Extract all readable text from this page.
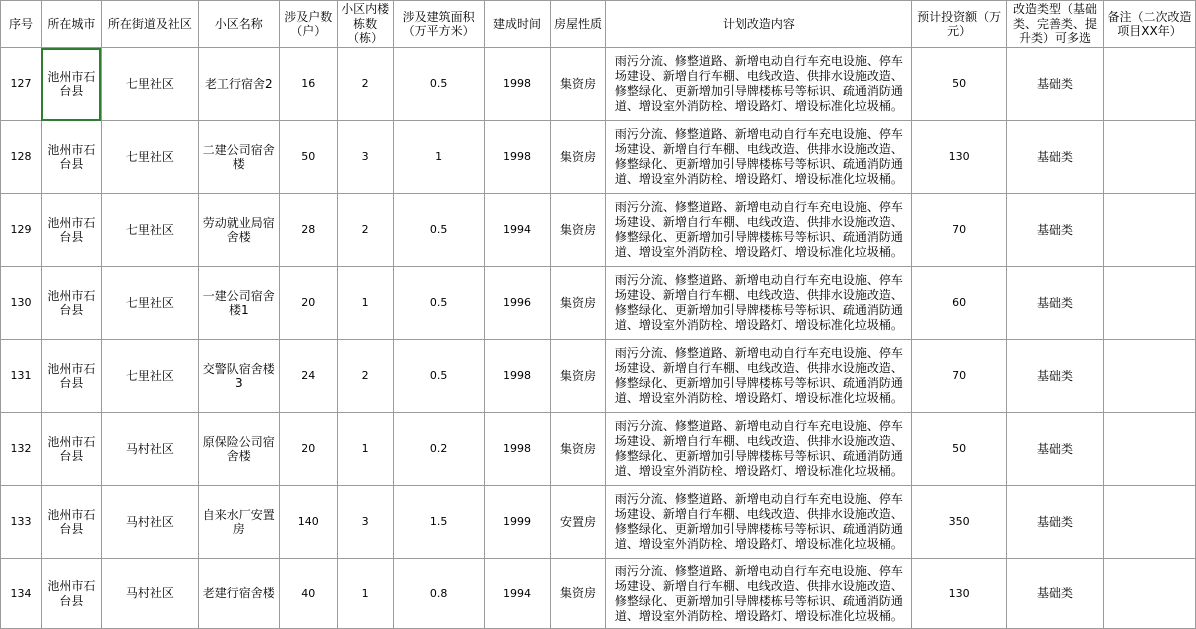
序号	所在城市	所在街道及社区	小区名称	涉及户数（户）	小区内楼栋数（栋）	涉及建筑面积（万平方米）	建成时间	房屋性质	计划改造内容	预计投资额（万元）	改造类型（基础类、完善类、提升类）可多选	备注（二次改造项目XX年）
127	池州市石台县	七里社区	老工行宿舍2	16	2	0.5	1998	集资房	雨污分流、修整道路、新增电动自行车充电设施、停车场建设、新增自行车棚、电线改造、供排水设施改造、修整绿化、更新增加引导牌楼栋号等标识、疏通消防通道、增设室外消防栓、增设路灯、增设标准化垃圾桶。	50	基础类	
128	池州市石台县	七里社区	二建公司宿舍楼	50	3	1	1998	集资房	雨污分流、修整道路、新增电动自行车充电设施、停车场建设、新增自行车棚、电线改造、供排水设施改造、修整绿化、更新增加引导牌楼栋号等标识、疏通消防通道、增设室外消防栓、增设路灯、增设标准化垃圾桶。	130	基础类	
129	池州市石台县	七里社区	劳动就业局宿舍楼	28	2	0.5	1994	集资房	雨污分流、修整道路、新增电动自行车充电设施、停车场建设、新增自行车棚、电线改造、供排水设施改造、修整绿化、更新增加引导牌楼栋号等标识、疏通消防通道、增设室外消防栓、增设路灯、增设标准化垃圾桶。	70	基础类	
130	池州市石台县	七里社区	一建公司宿舍楼1	20	1	0.5	1996	集资房	雨污分流、修整道路、新增电动自行车充电设施、停车场建设、新增自行车棚、电线改造、供排水设施改造、修整绿化、更新增加引导牌楼栋号等标识、疏通消防通道、增设室外消防栓、增设路灯、增设标准化垃圾桶。	60	基础类	
131	池州市石台县	七里社区	交警队宿舍楼3	24	2	0.5	1998	集资房	雨污分流、修整道路、新增电动自行车充电设施、停车场建设、新增自行车棚、电线改造、供排水设施改造、修整绿化、更新增加引导牌楼栋号等标识、疏通消防通道、增设室外消防栓、增设路灯、增设标准化垃圾桶。	70	基础类	
132	池州市石台县	马村社区	原保险公司宿舍楼	20	1	0.2	1998	集资房	雨污分流、修整道路、新增电动自行车充电设施、停车场建设、新增自行车棚、电线改造、供排水设施改造、修整绿化、更新增加引导牌楼栋号等标识、疏通消防通道、增设室外消防栓、增设路灯、增设标准化垃圾桶。	50	基础类	
133	池州市石台县	马村社区	自来水厂安置房	140	3	1.5	1999	安置房	雨污分流、修整道路、新增电动自行车充电设施、停车场建设、新增自行车棚、电线改造、供排水设施改造、修整绿化、更新增加引导牌楼栋号等标识、疏通消防通道、增设室外消防栓、增设路灯、增设标准化垃圾桶。	350	基础类	
134	池州市石台县	马村社区	老建行宿舍楼	40	1	0.8	1994	集资房	雨污分流、修整道路、新增电动自行车充电设施、停车场建设、新增自行车棚、电线改造、供排水设施改造、修整绿化、更新增加引导牌楼栋号等标识、疏通消防通道、增设室外消防栓、增设路灯、增设标准化垃圾桶。	130	基础类	
